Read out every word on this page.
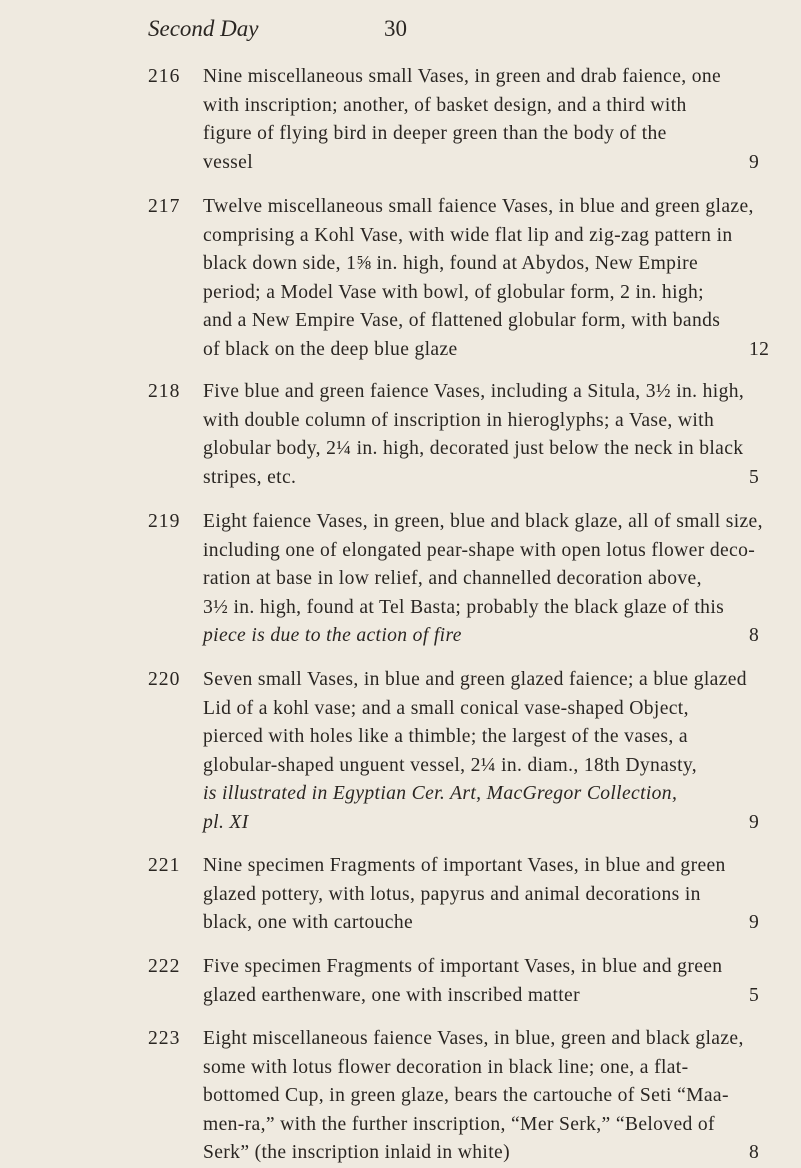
Second Day	30
216	Nine miscellaneous small Vases, in green and drab faience, one
with inscription; another, of basket design, and a third with
figure of flying bird in deeper green than the body of the
vessel	9
217	Twelve miscellaneous small faience Vases, in blue and green glaze,
comprising a Kohl Vase, with wide flat lip and zig-zag pattern in
black down side, 1⅝ in. high, found at Abydos, New Empire
period; a Model Vase with bowl, of globular form, 2 in. high;
and a New Empire Vase, of flattened globular form, with bands
of black on the deep blue glaze	12
218	Five blue and green faience Vases, including a Situla, 3½ in. high,
with double column of inscription in hieroglyphs; a Vase, with
globular body, 2¼ in. high, decorated just below the neck in black
stripes, etc.	5
219	Eight faience Vases, in green, blue and black glaze, all of small size,
including one of elongated pear-shape with open lotus flower deco-
ration at base in low relief, and channelled decoration above,
3½ in. high, found at Tel Basta; probably the black glaze of this
piece is due to the action of fire	8
220	Seven small Vases, in blue and green glazed faience; a blue glazed
Lid of a kohl vase; and a small conical vase-shaped Object,
pierced with holes like a thimble; the largest of the vases, a
globular-shaped unguent vessel, 2¼ in. diam., 18th Dynasty,
is illustrated in Egyptian Cer. Art, MacGregor Collection,
pl. XI	9
221	Nine specimen Fragments of important Vases, in blue and green
glazed pottery, with lotus, papyrus and animal decorations in
black, one with cartouche	9
222	Five specimen Fragments of important Vases, in blue and green
glazed earthenware, one with inscribed matter	5
223	Eight miscellaneous faience Vases, in blue, green and black glaze,
some with lotus flower decoration in black line; one, a flat-
bottomed Cup, in green glaze, bears the cartouche of Seti “Maa-
men-ra,” with the further inscription, “Mer Serk,” “Beloved of
Serk” (the inscription inlaid in white)	8
